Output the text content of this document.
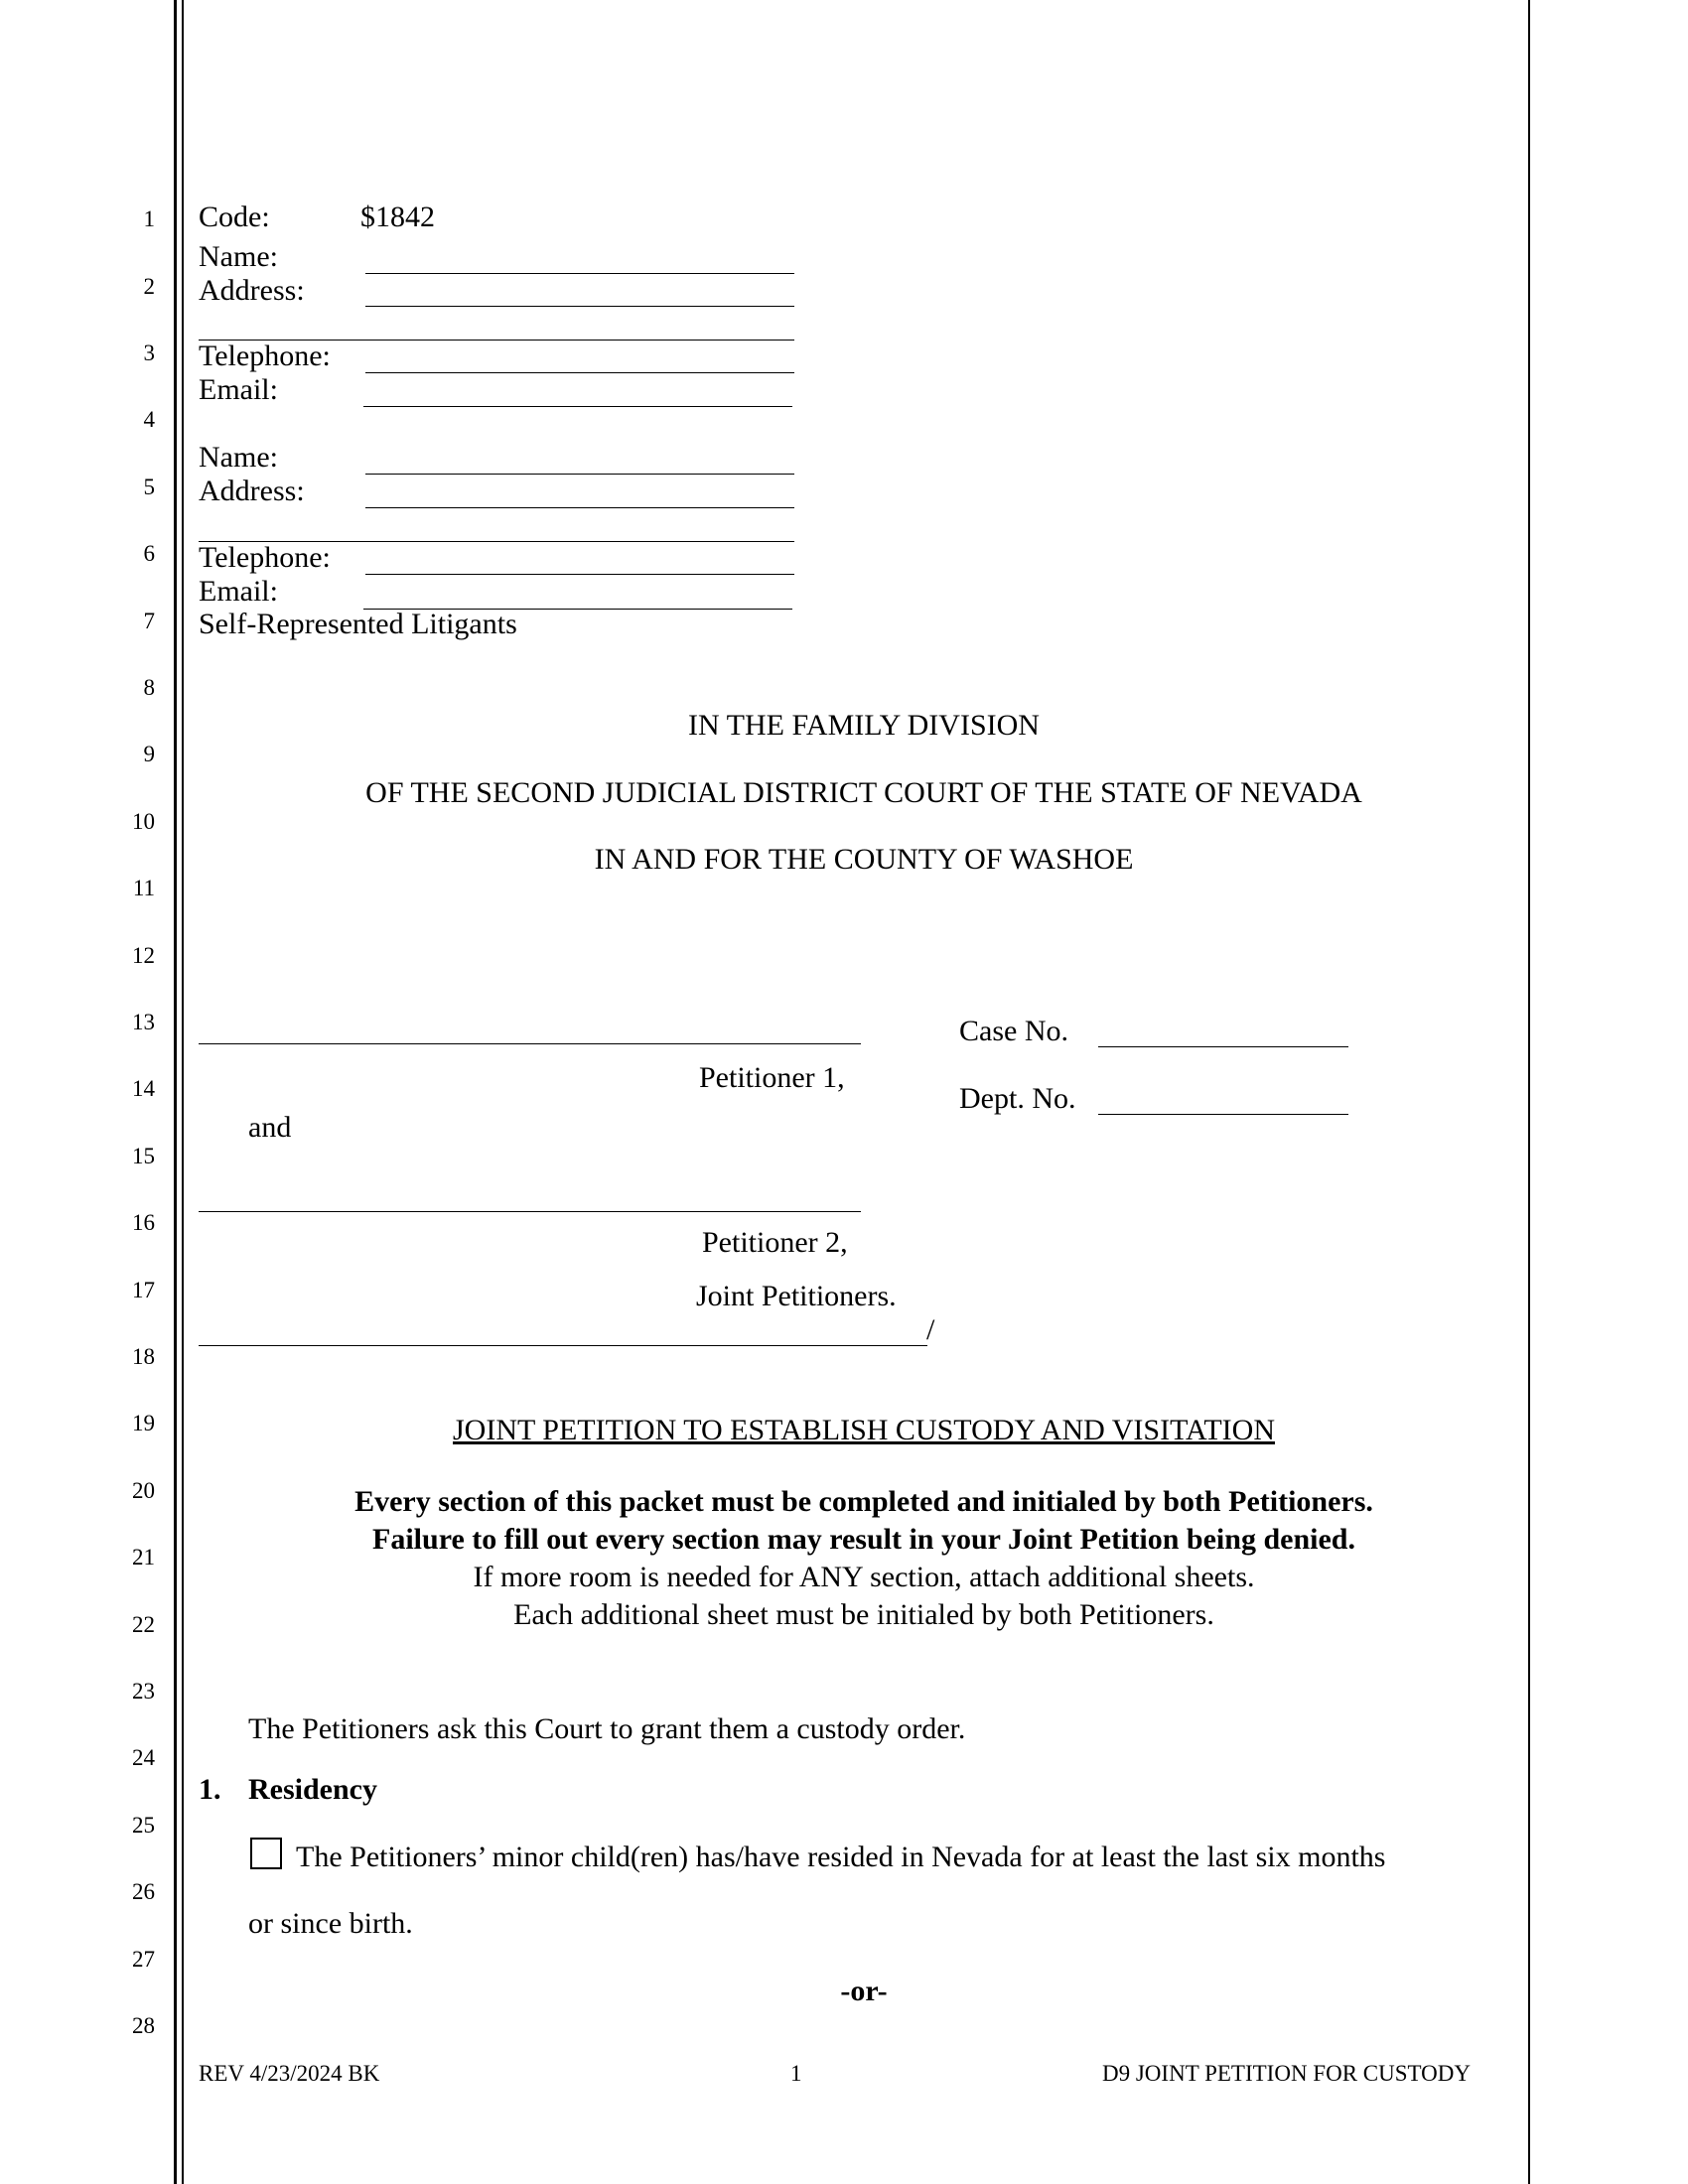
1
2
3
4
5
6
7
8
9
10
11
12
13
14
15
16
17
18
19
20
21
22
23
24
25
26
27
28
Code:	$1842
Name:
Address:
Telephone:
Email:
Name:
Address:
Telephone:
Email:
Self-Represented Litigants
IN THE FAMILY DIVISION
OF THE SECOND JUDICIAL DISTRICT COURT OF THE STATE OF NEVADA
IN AND FOR THE COUNTY OF WASHOE
Petitioner 1,
Case No.
Dept. No.
and
Petitioner 2,
Joint Petitioners.
/
JOINT PETITION TO ESTABLISH CUSTODY AND VISITATION
Every section of this packet must be completed and initialed by both Petitioners.
Failure to fill out every section may result in your Joint Petition being denied.
If more room is needed for ANY section, attach additional sheets.
Each additional sheet must be initialed by both Petitioners.
The Petitioners ask this Court to grant them a custody order.
1. Residency
The Petitioners’ minor child(ren) has/have resided in Nevada for at least the last six months
or since birth.
-or-
REV 4/23/2024 BK	1	D9 JOINT PETITION FOR CUSTODY
